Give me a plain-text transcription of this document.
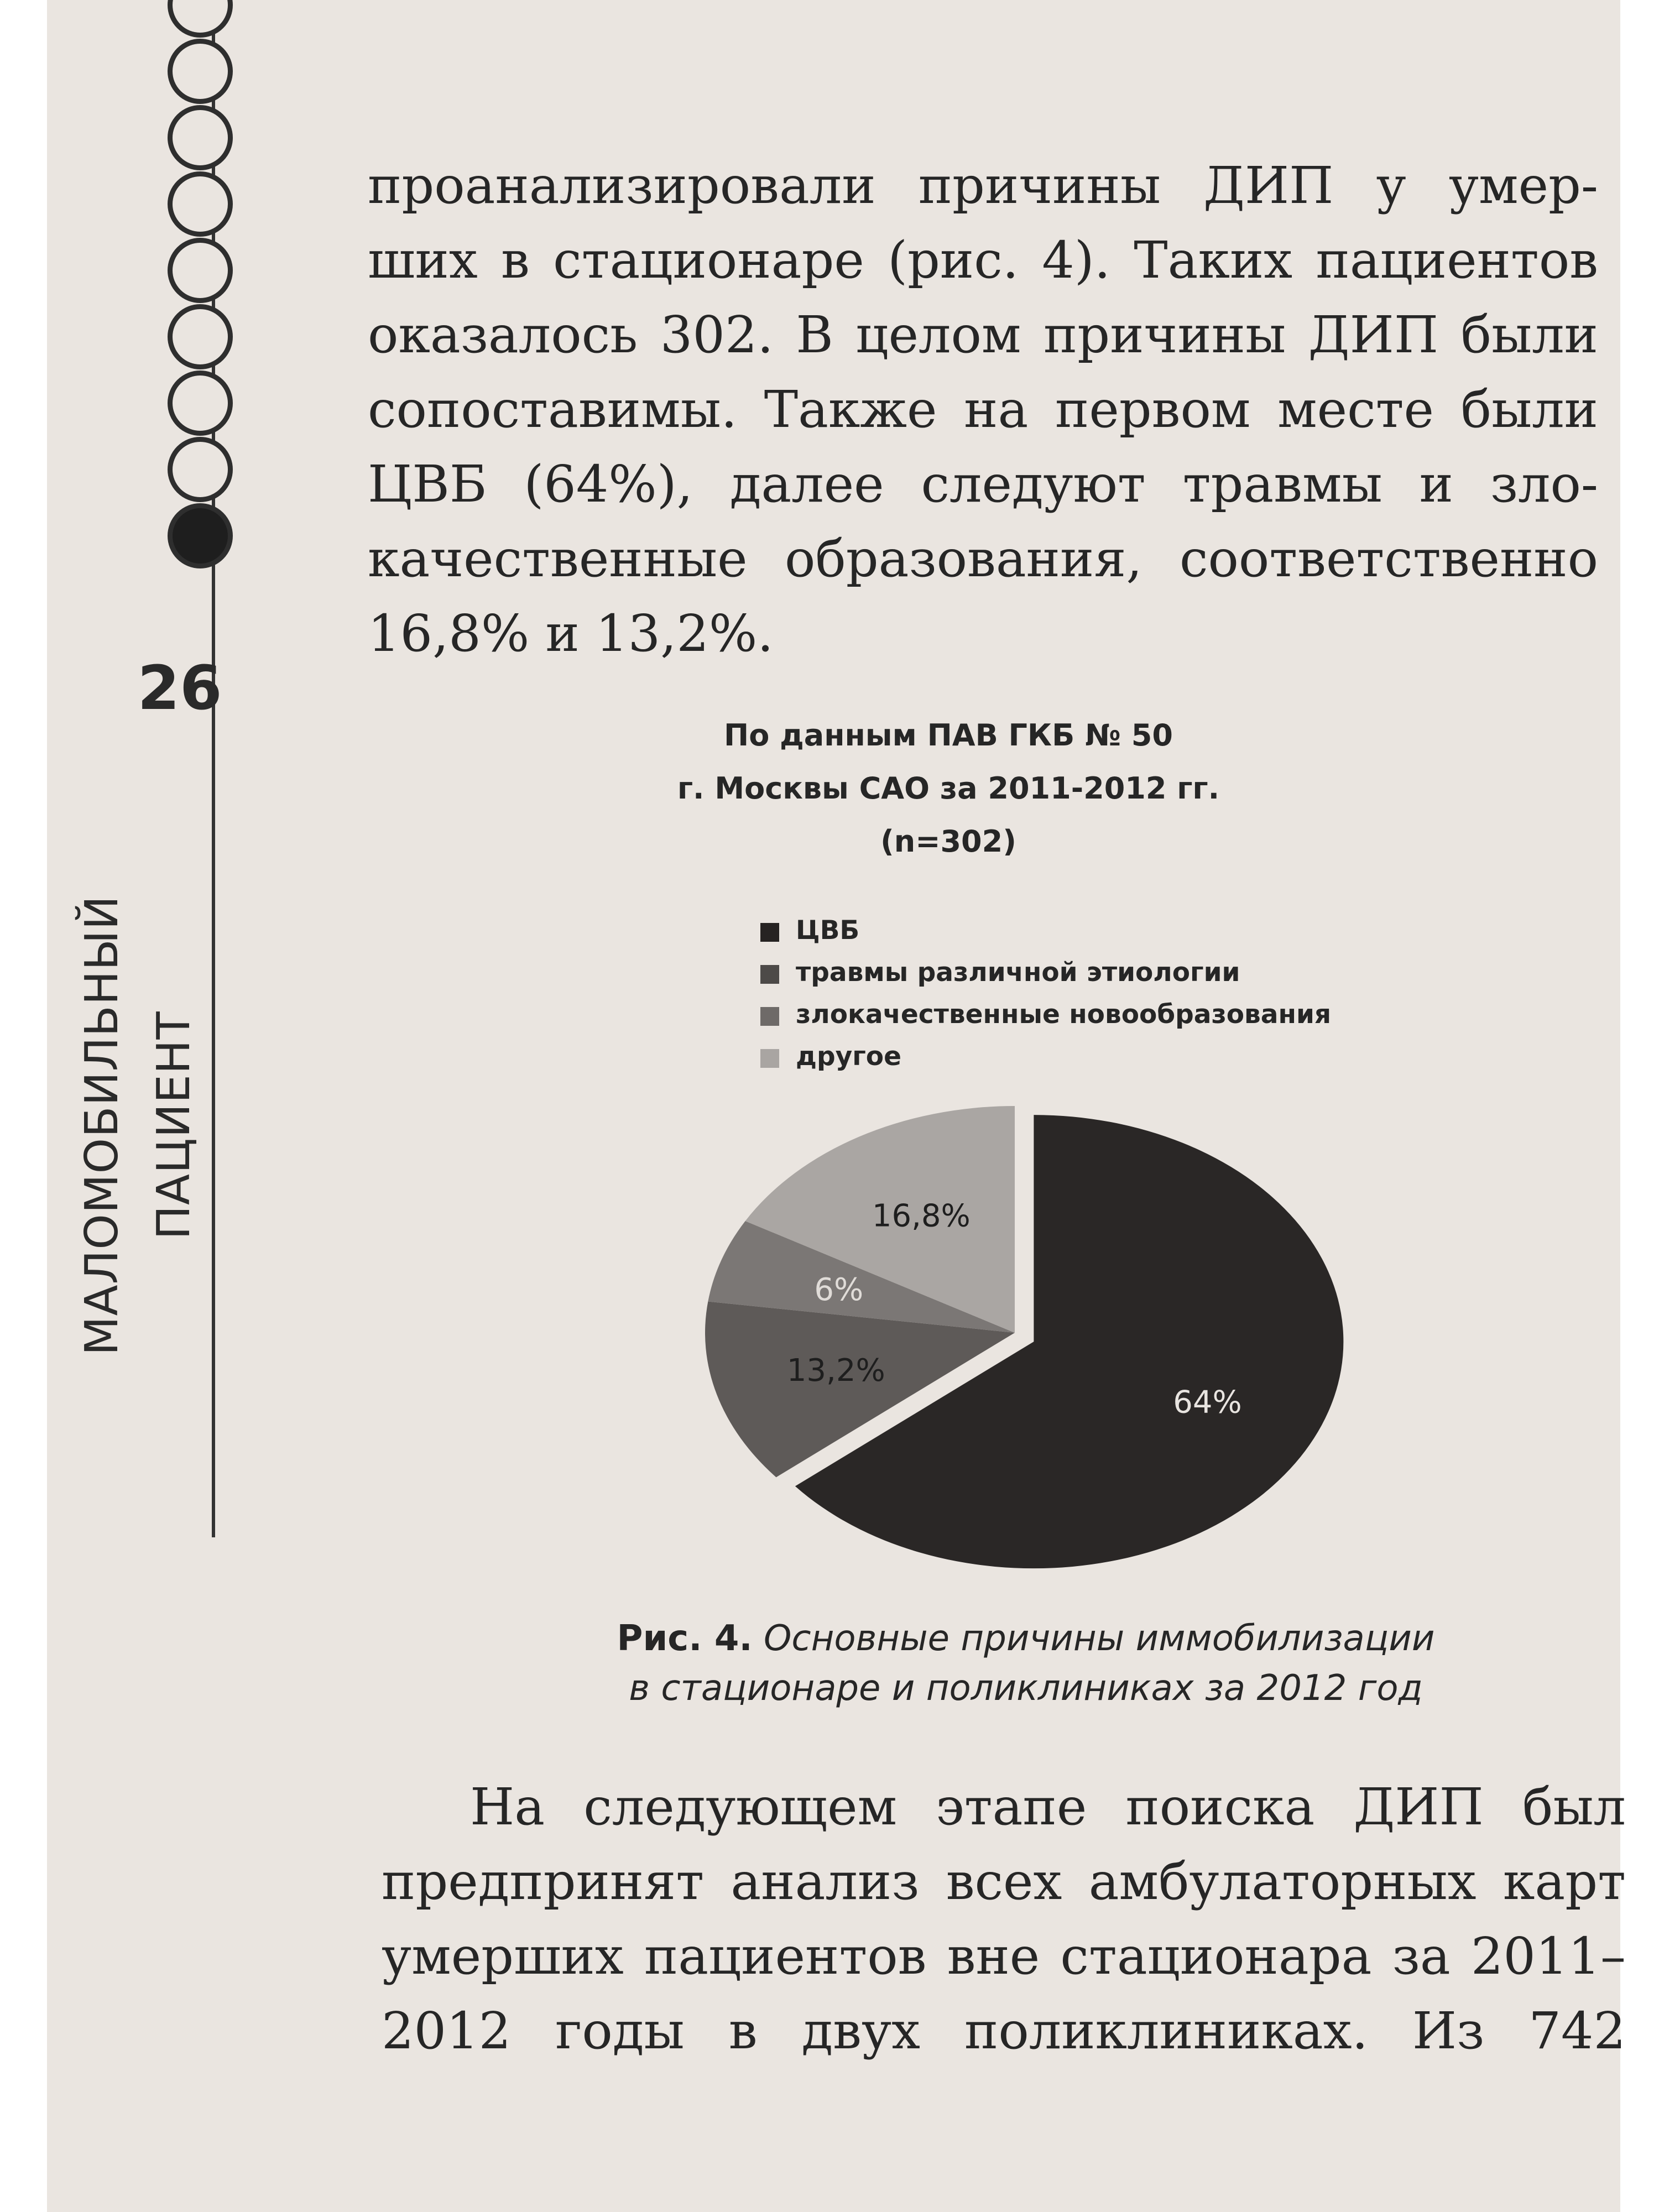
26
МАЛОМОБИЛЬНЫЙ ПАЦИЕНТ
проанализировали причины ДИП у умер-
ших в стационаре (рис. 4). Таких пациентов
оказалось 302. В целом причины ДИП были
сопоставимы. Также на первом месте были
ЦВБ (64%), далее следуют травмы и зло-
качественные образования, соответственно
16,8% и 13,2%.
По данным ПАВ ГКБ № 50
г. Москвы САО за 2011-2012 гг.
(n=302)
ЦВБ
травмы различной этиологии
злокачественные новообразования
другое
64%
13,2%
6%
16,8%
Рис. 4. Основные причины иммобилизации
в стационаре и поликлиниках за 2012 год
На следующем этапе поиска ДИП был
предпринят анализ всех амбулаторных карт
умерших пациентов вне стационара за 2011–
2012 годы в двух поликлиниках. Из 742
